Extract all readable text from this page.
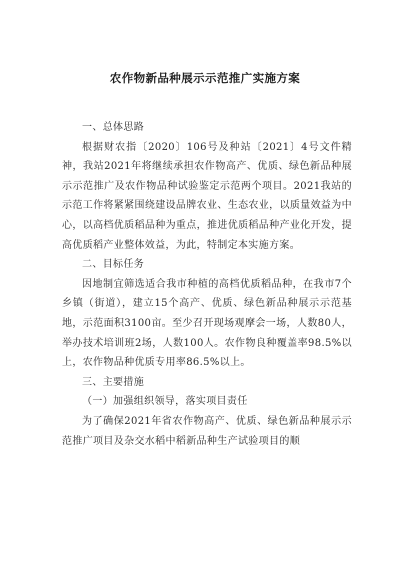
农作物新品种展示示范推广实施方案

一、总体思路

根据财农指〔2020〕106号及种站〔2021〕4号文件精神，我站2021年将继续承担农作物高产、优质、绿色新品种展示示范推广及农作物品种试验鉴定示范两个项目。2021我站的示范工作将紧紧围绕建设品牌农业、生态农业，以质量效益为中心，以高档优质稻品种为重点，推进优质稻品种产业化开发，提高优质稻产业整体效益，为此，特制定本实施方案。

二、目标任务

因地制宜筛选适合我市种植的高档优质稻品种，在我市7个乡镇（街道），建立15个高产、优质、绿色新品种展示示范基地，示范面积3100亩。至少召开现场观摩会一场，人数80人，举办技术培训班2场，人数100人。农作物良种覆盖率98.5%以上，农作物品种优质专用率86.5%以上。

三、主要措施

（一）加强组织领导，落实项目责任

为了确保2021年省农作物高产、优质、绿色新品种展示示范推广项目及杂交水稻中稻新品种生产试验项目的顺
